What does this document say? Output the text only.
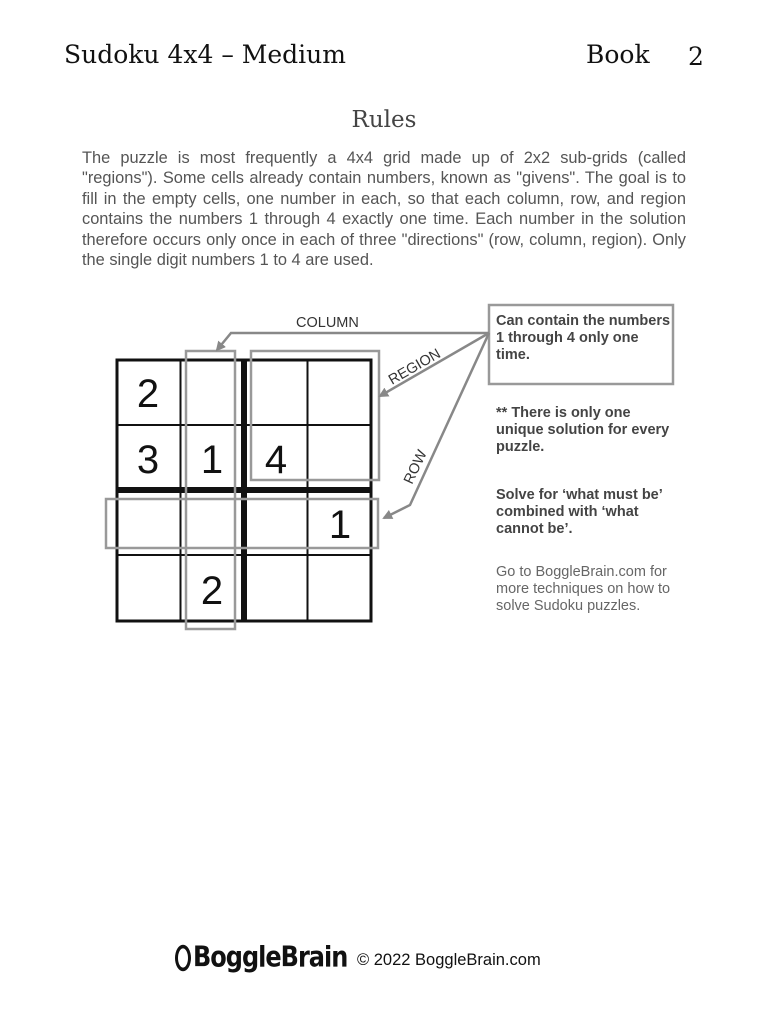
Sudoku 4x4 – Medium	Book 2
Rules
The puzzle is most frequently a 4x4 grid made up of 2x2 sub-grids (called "regions"). Some cells already contain numbers, known as "givens". The goal is to fill in the empty cells, one number in each, so that each column, row, and region contains the numbers 1 through 4 exactly one time. Each number in the solution therefore occurs only once in each of three "directions" (row, column, region). Only the single digit numbers 1 to 4 are used.
2
3 1 4
1
2
COLUMN
REGION
ROW
Can contain the numbers 1 through 4 only one time.
** There is only one unique solution for every puzzle.
Solve for ‘what must be’ combined with ‘what cannot be’.
Go to BoggleBrain.com for more techniques on how to solve Sudoku puzzles.
BoggleBrain © 2022 BoggleBrain.com
